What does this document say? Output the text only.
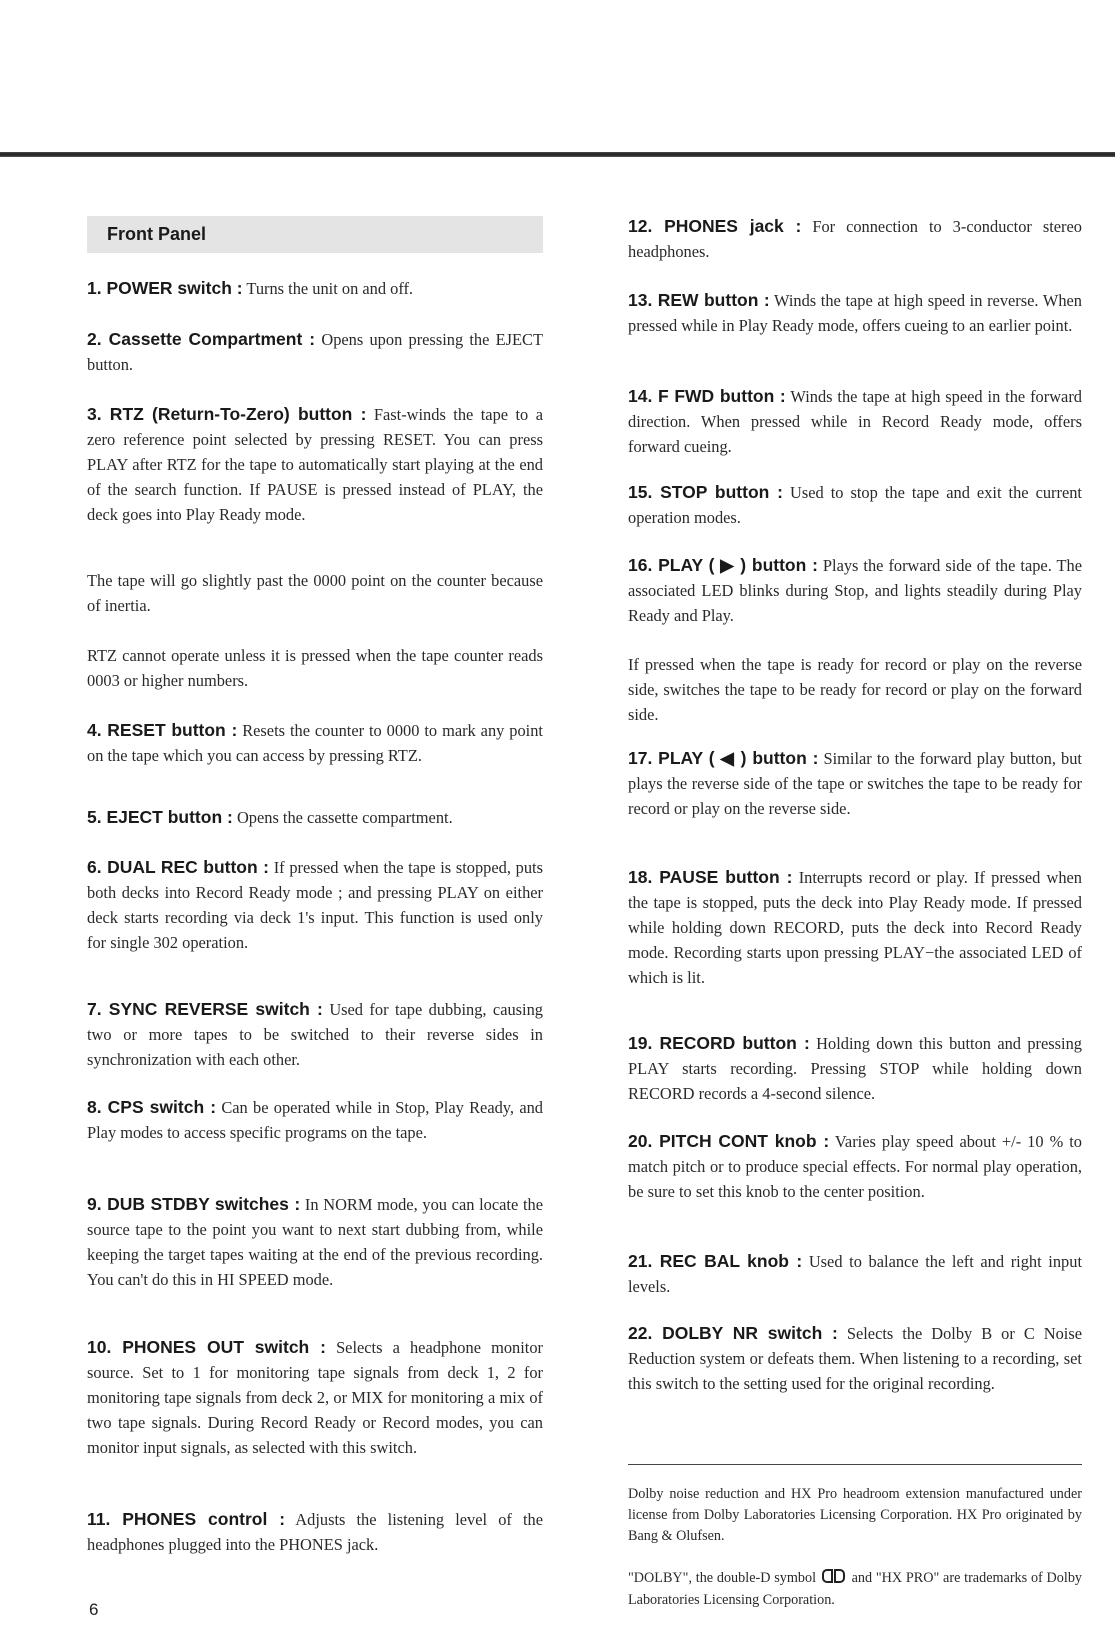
Front Panel
1. POWER switch : Turns the unit on and off.
2. Cassette Compartment : Opens upon pressing the EJECT button.
3. RTZ (Return-To-Zero) button : Fast-winds the tape to a zero reference point selected by pressing RESET. You can press PLAY after RTZ for the tape to automatically start playing at the end of the search function. If PAUSE is pressed instead of PLAY, the deck goes into Play Ready mode.
The tape will go slightly past the 0000 point on the counter because of inertia.
RTZ cannot operate unless it is pressed when the tape counter reads 0003 or higher numbers.
4. RESET button : Resets the counter to 0000 to mark any point on the tape which you can access by pressing RTZ.
5. EJECT button : Opens the cassette compartment.
6. DUAL REC button : If pressed when the tape is stopped, puts both decks into Record Ready mode ; and pressing PLAY on either deck starts recording via deck 1's input. This function is used only for single 302 operation.
7. SYNC REVERSE switch : Used for tape dubbing, causing two or more tapes to be switched to their reverse sides in synchronization with each other.
8. CPS switch : Can be operated while in Stop, Play Ready, and Play modes to access specific programs on the tape.
9. DUB STDBY switches : In NORM mode, you can locate the source tape to the point you want to next start dubbing from, while keeping the target tapes waiting at the end of the previous recording. You can't do this in HI SPEED mode.
10. PHONES OUT switch : Selects a headphone monitor source. Set to 1 for monitoring tape signals from deck 1, 2 for monitoring tape signals from deck 2, or MIX for monitoring a mix of two tape signals. During Record Ready or Record modes, you can monitor input signals, as selected with this switch.
11. PHONES control : Adjusts the listening level of the headphones plugged into the PHONES jack.
12. PHONES jack : For connection to 3-conductor stereo headphones.
13. REW button : Winds the tape at high speed in reverse. When pressed while in Play Ready mode, offers cueing to an earlier point.
14. F FWD button : Winds the tape at high speed in the forward direction. When pressed while in Record Ready mode, offers forward cueing.
15. STOP button : Used to stop the tape and exit the current operation modes.
16. PLAY ( ▶ ) button : Plays the forward side of the tape. The associated LED blinks during Stop, and lights steadily during Play Ready and Play.
If pressed when the tape is ready for record or play on the reverse side, switches the tape to be ready for record or play on the forward side.
17. PLAY ( ◀ ) button : Similar to the forward play button, but plays the reverse side of the tape or switches the tape to be ready for record or play on the reverse side.
18. PAUSE button : Interrupts record or play. If pressed when the tape is stopped, puts the deck into Play Ready mode. If pressed while holding down RECORD, puts the deck into Record Ready mode. Recording starts upon pressing PLAY−the associated LED of which is lit.
19. RECORD button : Holding down this button and pressing PLAY starts recording. Pressing STOP while holding down RECORD records a 4-second silence.
20. PITCH CONT knob : Varies play speed about +/- 10 % to match pitch or to produce special effects. For normal play operation, be sure to set this knob to the center position.
21. REC BAL knob : Used to balance the left and right input levels.
22. DOLBY NR switch : Selects the Dolby B or C Noise Reduction system or defeats them. When listening to a recording, set this switch to the setting used for the original recording.
Dolby noise reduction and HX Pro headroom extension manufactured under license from Dolby Laboratories Licensing Corporation. HX Pro originated by Bang & Olufsen.
"DOLBY", the double-D symbol	and "HX PRO" are trademarks of Dolby Laboratories Licensing Corporation.
6
